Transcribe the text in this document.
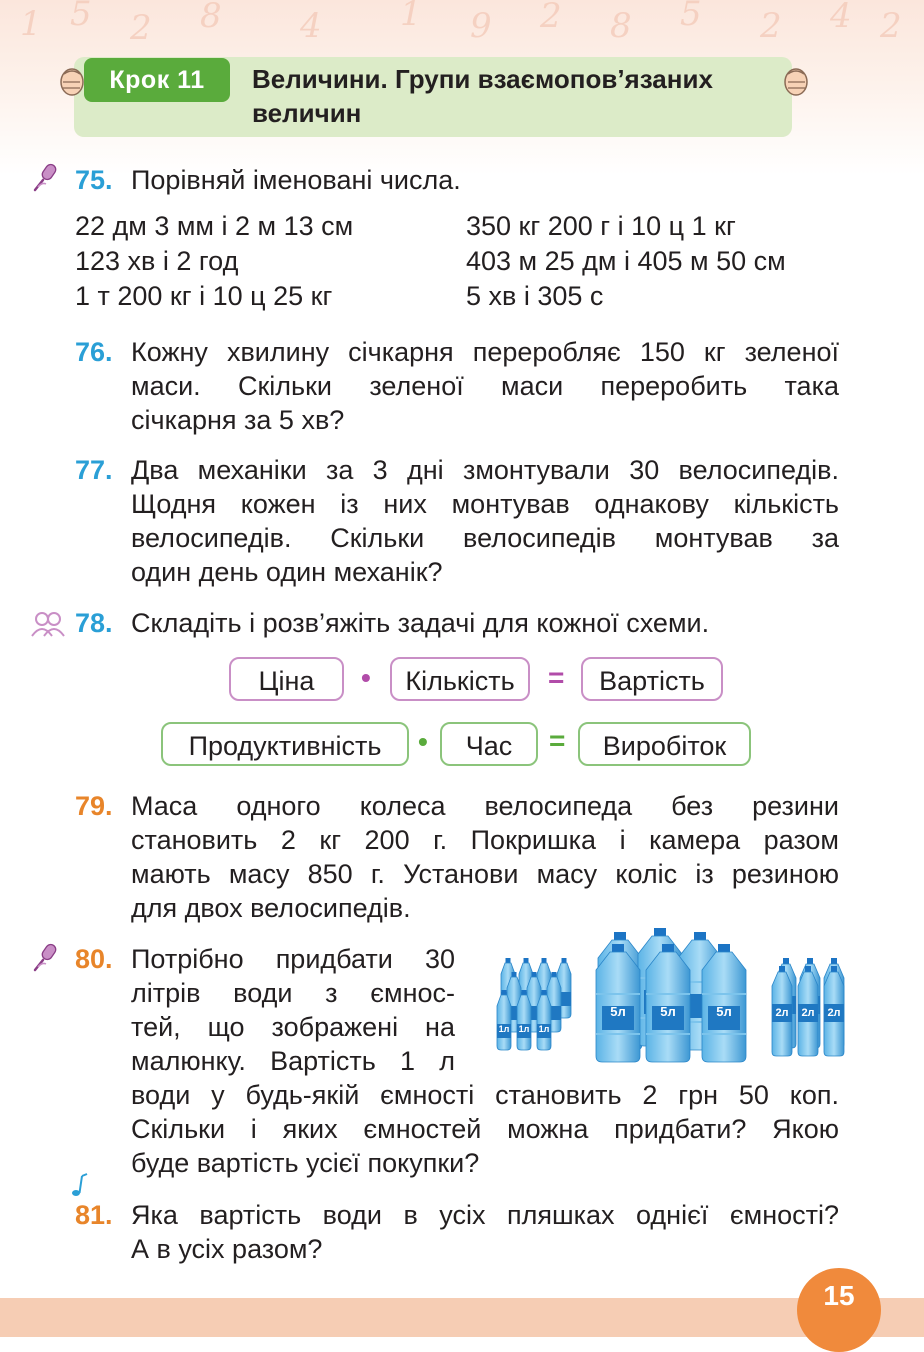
1 5 2 8 4 1 9 2 8 5 2 4 2
Крок 11	Величини. Групи взаємопов’язаних величин
75. Порівняй іменовані числа.
22 дм 3 мм і 2 м 13 см
123 хв і 2 год
1 т 200 кг і 10 ц 25 кг
350 кг 200 г і 10 ц 1 кг
403 м 25 дм і 405 м 50 см
5 хв і 305 с
76. Кожну хвилину січкарня переробляє 150 кг зеленої
маси. Скільки зеленої маси переробить така
січкарня за 5 хв?
77. Два механіки за 3 дні змонтували 30 велосипедів.
Щодня кожен із них монтував однакову кількість
велосипедів. Скільки велосипедів монтував за
один день один механік?
78. Складіть і розв’яжіть задачі для кожної схеми.
Ціна	•	Кількість	=	Вартість
Продуктивність	•	Час	=	Виробіток
79. Маса одного колеса велосипеда без резини
становить 2 кг 200 г. Покришка і камера разом
мають масу 850 г. Установи масу коліс із резиною
для двох велосипедів.
80. Потрібно придбати 30
літрів води з ємнос-
тей, що зображені на
малюнку. Вартість 1 л
води у будь-якій ємності становить 2 грн 50 коп.
Скільки і яких ємностей можна придбати? Якою
буде вартість усієї покупки?
1л 1л 1л
5л	5л	5л	2л 2л 2л
81. Яка вартість води в усіх пляшках однієї ємності?
А в усіх разом?
15
